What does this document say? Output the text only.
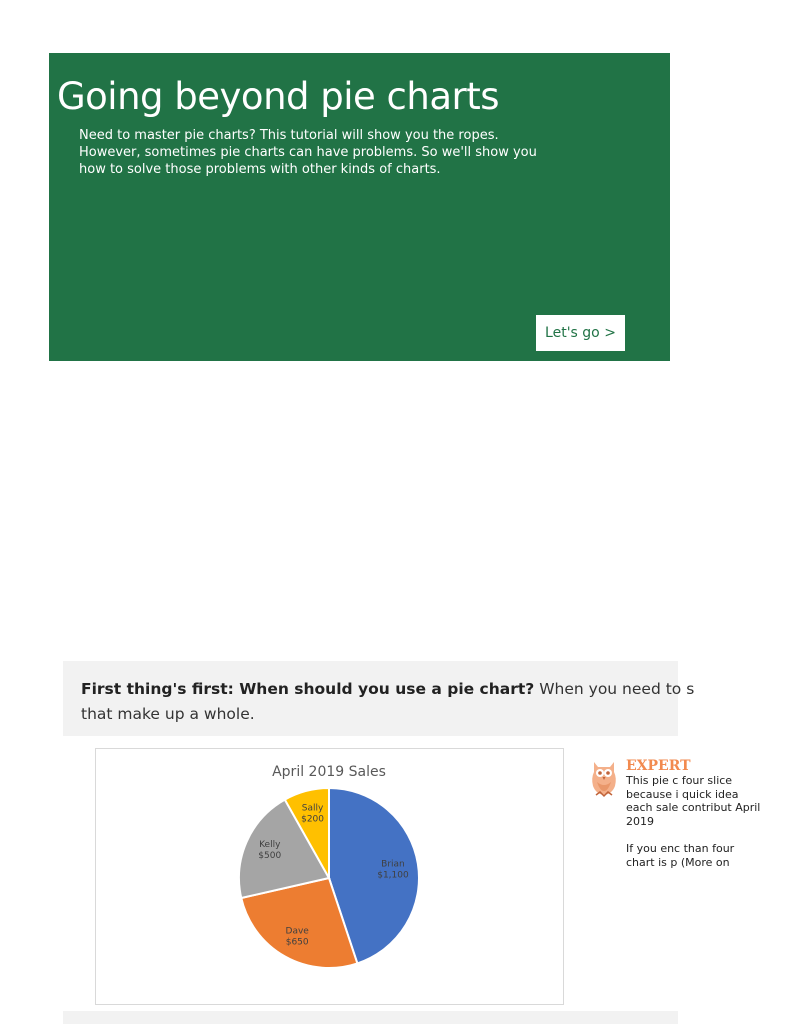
Going beyond pie charts

Need to master pie charts? This tutorial will show you the ropes. However, sometimes pie charts can have problems. So we'll show you how to solve those problems with other kinds of charts.

Let's go >

First thing's first: When should you use a pie chart? When you need to s
that make up a whole.

April 2019 Sales
Brian
$1,100
Dave
$650
Kelly
$500
Sally
$200
EXPERT

This pie c four slice because i quick idea each sale contribut April 2019

If you enc than four chart is p (More on
